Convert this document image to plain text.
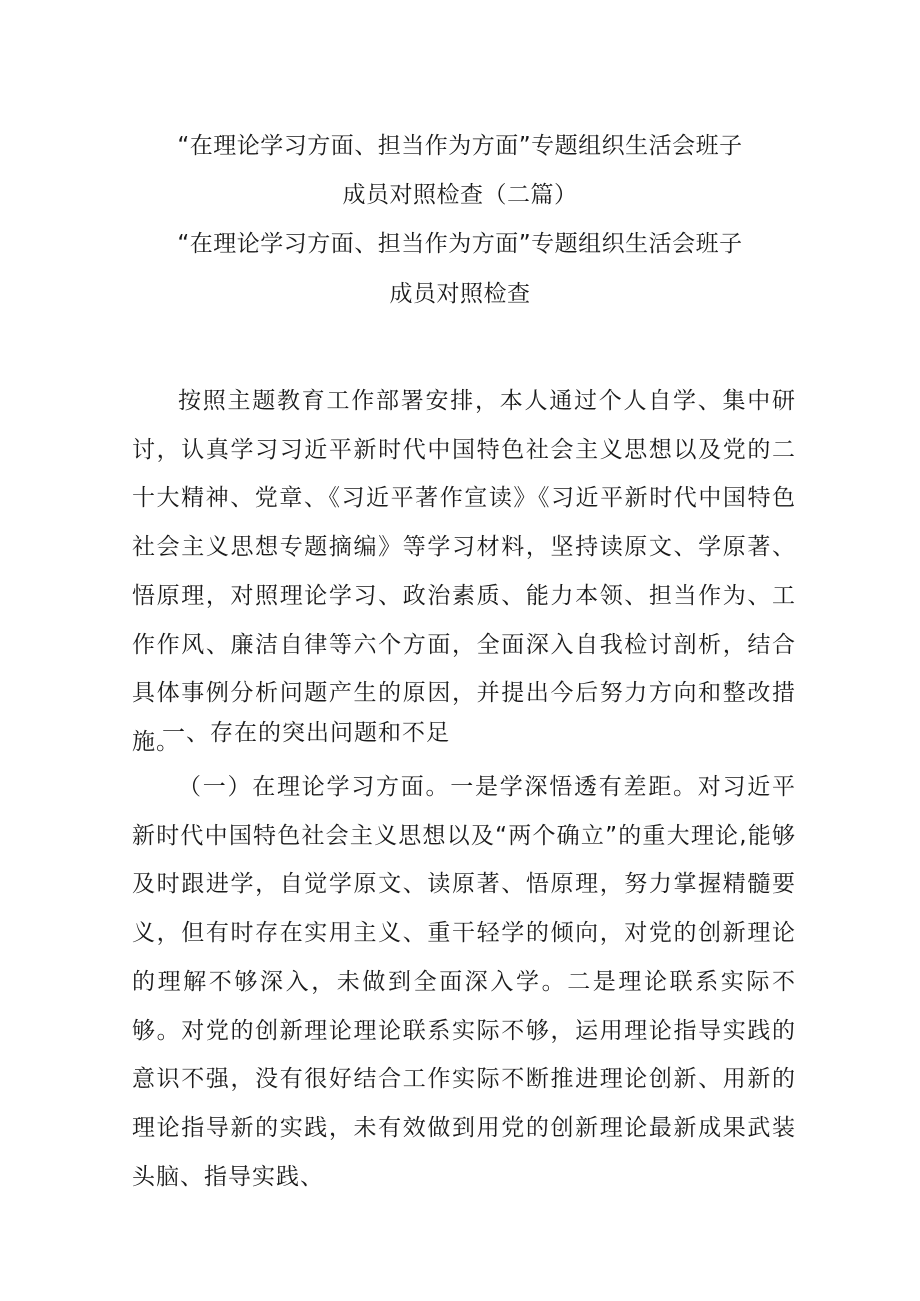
“在理论学习方面、担当作为方面”专题组织生活会班子
成员对照检查（二篇）
“在理论学习方面、担当作为方面”专题组织生活会班子
成员对照检查

按照主题教育工作部署安排，本人通过个人自学、集中研讨，认真学习习近平新时代中国特色社会主义思想以及党的二十大精神、党章、《习近平著作宣读》《习近平新时代中国特色社会主义思想专题摘编》等学习材料，坚持读原文、学原著、悟原理，对照理论学习、政治素质、能力本领、担当作为、工作作风、廉洁自律等六个方面，全面深入自我检讨剖析，结合具体事例分析问题产生的原因，并提出今后努力方向和整改措施。

一、存在的突出问题和不足

（一）在理论学习方面。一是学深悟透有差距。对习近平新时代中国特色社会主义思想以及“两个确立”的重大理论,能够及时跟进学，自觉学原文、读原著、悟原理，努力掌握精髓要义，但有时存在实用主义、重干轻学的倾向，对党的创新理论的理解不够深入，未做到全面深入学。二是理论联系实际不够。对党的创新理论理论联系实际不够，运用理论指导实践的意识不强，没有很好结合工作实际不断推进理论创新、用新的理论指导新的实践，未有效做到用党的创新理论最新成果武装头脑、指导实践、
